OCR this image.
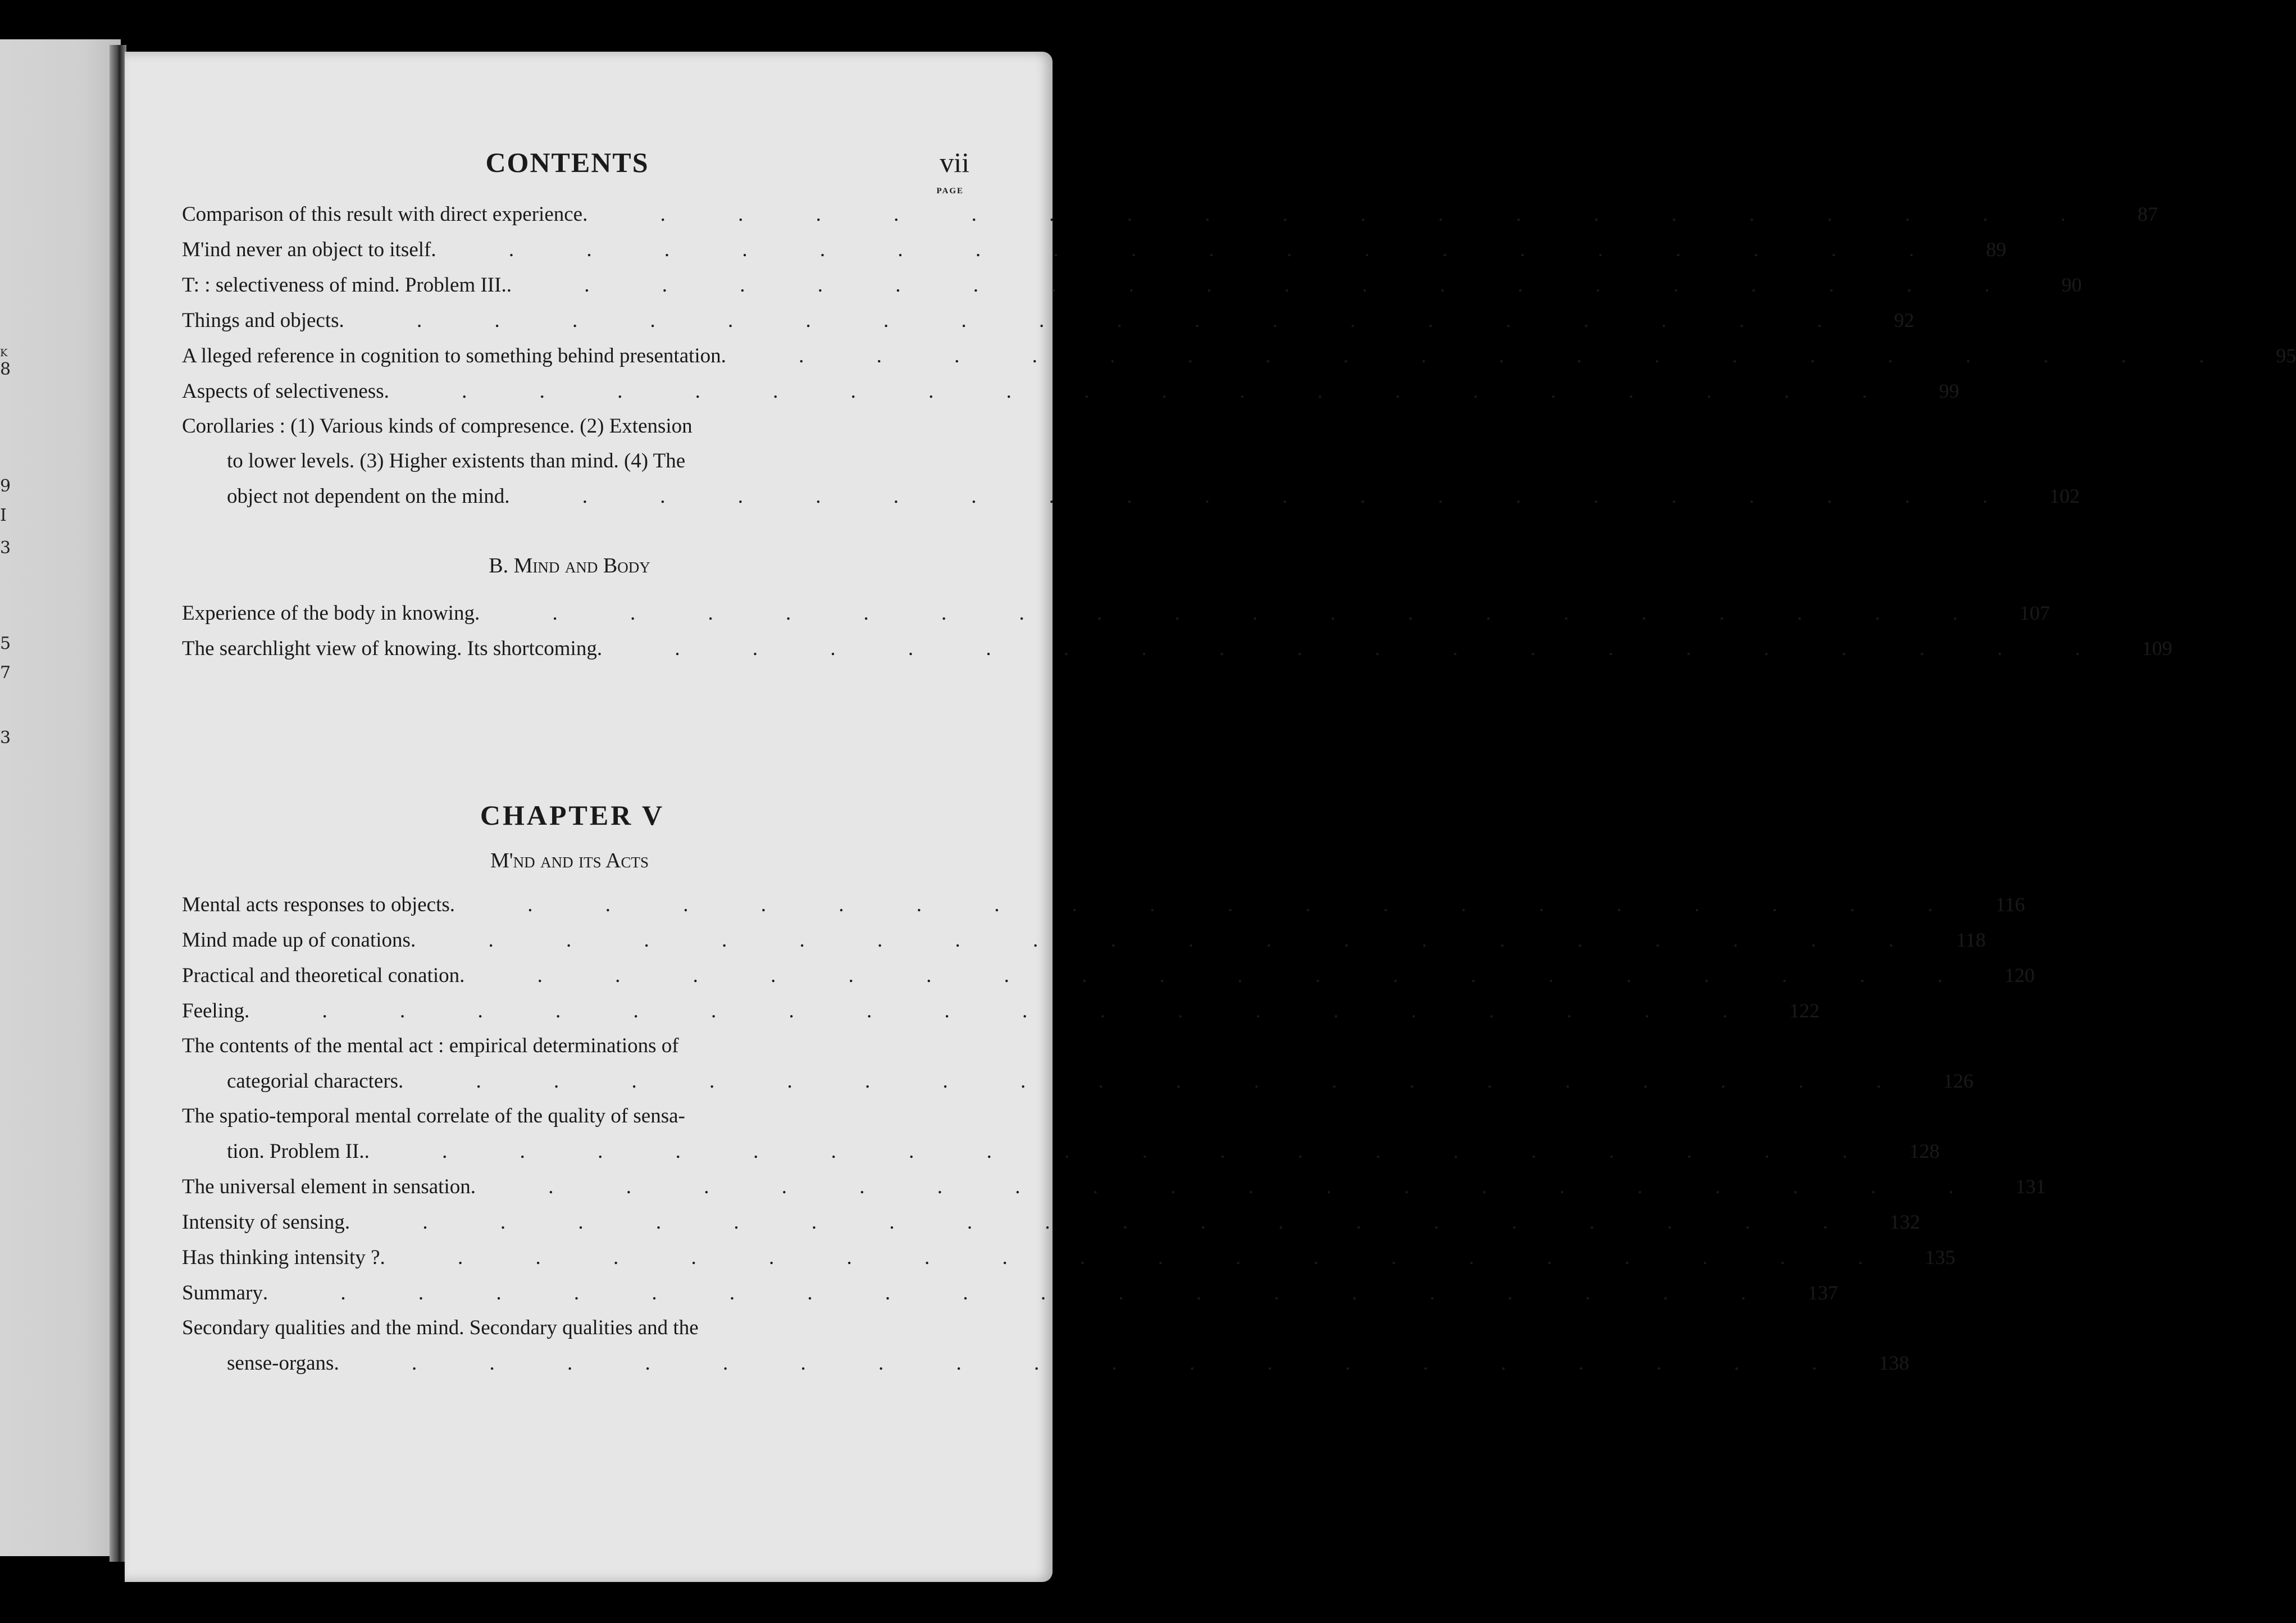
K
8
9
I
3
5
7
3
CONTENTS	vii
PAGE
Comparison of this result with direct experience . . . . . . . . . . . . . . . . . . . .	87
M'ind never an object to itself . . . . . . . . . . . . . . . . . . . .	89
T: : selectiveness of mind. Problem III. . . . . . . . . . . . . . . . . . . . .	90
Things and objects . . . . . . . . . . . . . . . . . . . .	92
A lleged reference in cognition to something behind presentation . . . . . . . . . . . . . . . . . . . .	95
Aspects of selectiveness . . . . . . . . . . . . . . . . . . . .	99
Corollaries : (1) Various kinds of compresence. (2) Extension
to lower levels. (3) Higher existents than mind. (4) The
object not dependent on the mind . . . . . . . . . . . . . . . . . . . .	102
B. Mind and Body
Experience of the body in knowing . . . . . . . . . . . . . . . . . . . .	107
The searchlight view of knowing. Its shortcoming . . . . . . . . . . . . . . . . . . . .	109
CHAPTER V
M'nd and its Acts
Mental acts responses to objects . . . . . . . . . . . . . . . . . . . .	116
Mind made up of conations . . . . . . . . . . . . . . . . . . . .	118
Practical and theoretical conation . . . . . . . . . . . . . . . . . . . .	120
Feeling . . . . . . . . . . . . . . . . . . . .	122
The contents of the mental act : empirical determinations of
categorial characters . . . . . . . . . . . . . . . . . . . .	126
The spatio-temporal mental correlate of the quality of sensa-
tion. Problem II. . . . . . . . . . . . . . . . . . . . .	128
The universal element in sensation . . . . . . . . . . . . . . . . . . . .	131
Intensity of sensing . . . . . . . . . . . . . . . . . . . .	132
Has thinking intensity ? . . . . . . . . . . . . . . . . . . . .	135
Summary . . . . . . . . . . . . . . . . . . . .	137
Secondary qualities and the mind. Secondary qualities and the
sense-organs . . . . . . . . . . . . . . . . . . . .	138
